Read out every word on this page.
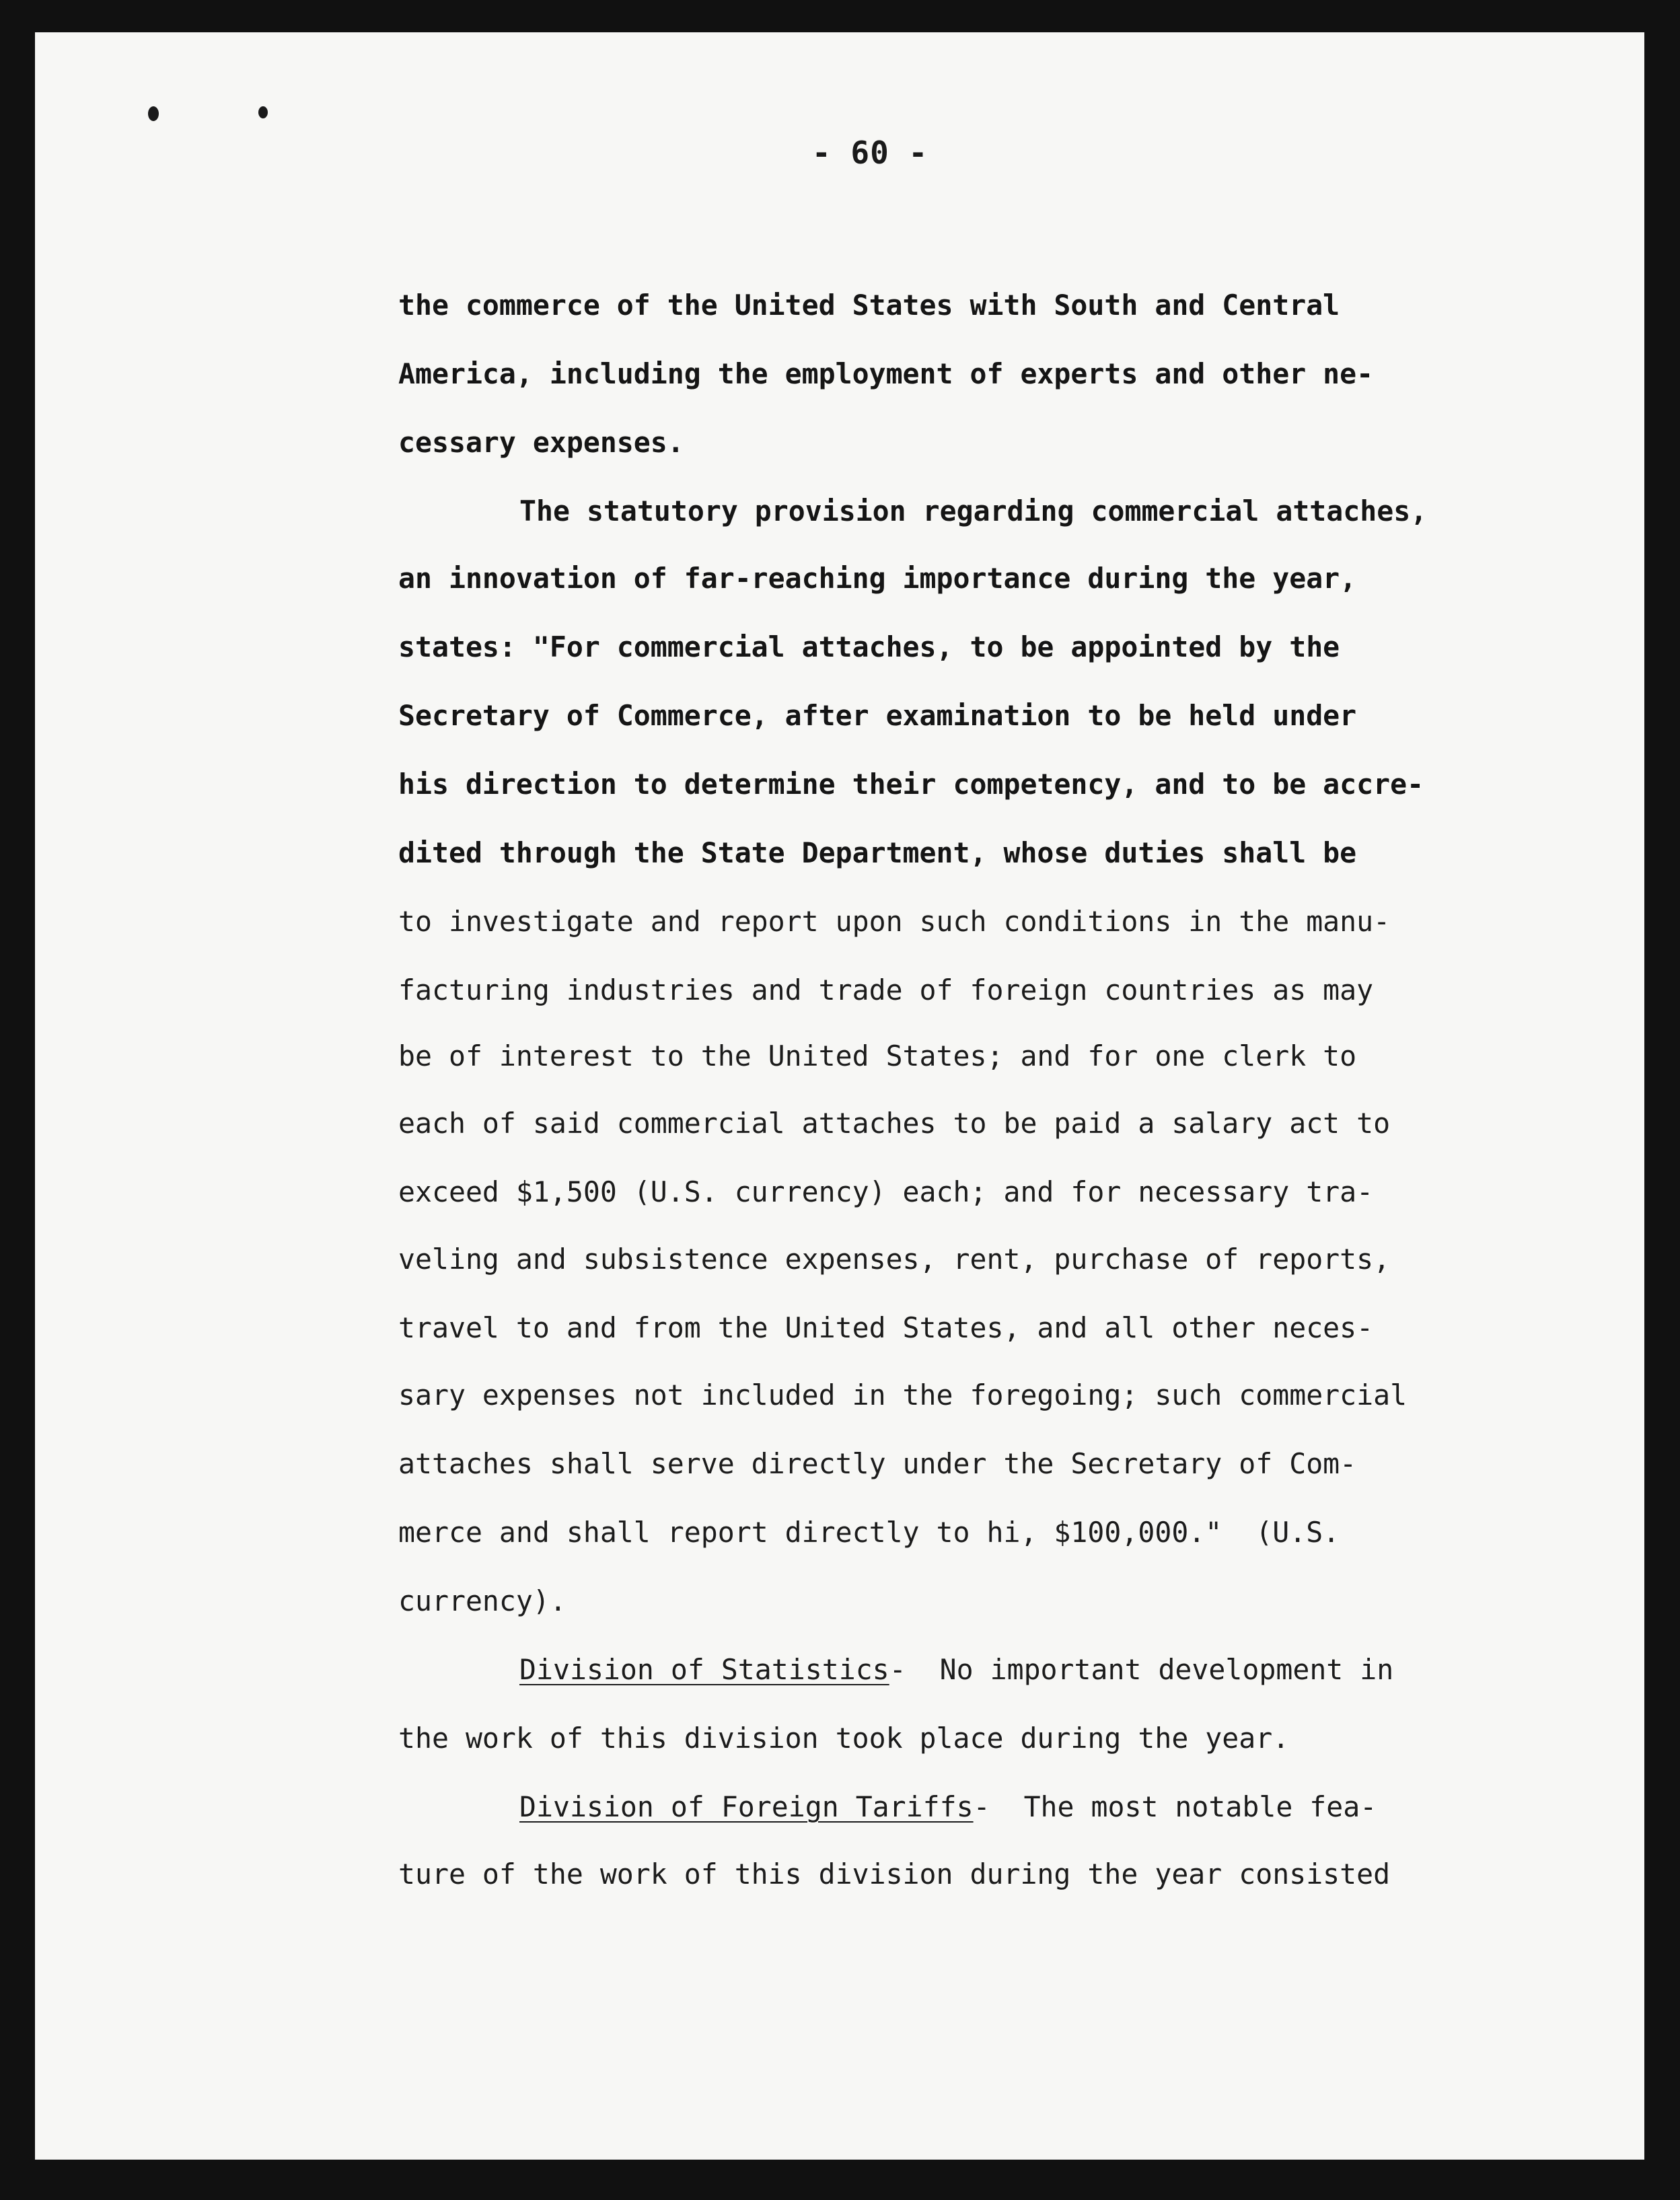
- 60 -

the commerce of the United States with South and Central

America, including the employment of experts and other ne-

cessary expenses.

The statutory provision regarding commercial attaches,

an innovation of far-reaching importance during the year,

states: "For commercial attaches, to be appointed by the

Secretary of Commerce, after examination to be held under

his direction to determine their competency, and to be accre-

dited through the State Department, whose duties shall be

to investigate and report upon such conditions in the manu-

facturing industries and trade of foreign countries as may

be of interest to the United States; and for one clerk to

each of said commercial attaches to be paid a salary act to

exceed $1,500 (U.S. currency) each; and for necessary tra-

veling and subsistence expenses, rent, purchase of reports,

travel to and from the United States, and all other neces-

sary expenses not included in the foregoing; such commercial

attaches shall serve directly under the Secretary of Com-

merce and shall report directly to hi, $100,000."  (U.S.

currency).

Division of Statistics-  No important development in

the work of this division took place during the year.

Division of Foreign Tariffs-  The most notable fea-

ture of the work of this division during the year consisted
